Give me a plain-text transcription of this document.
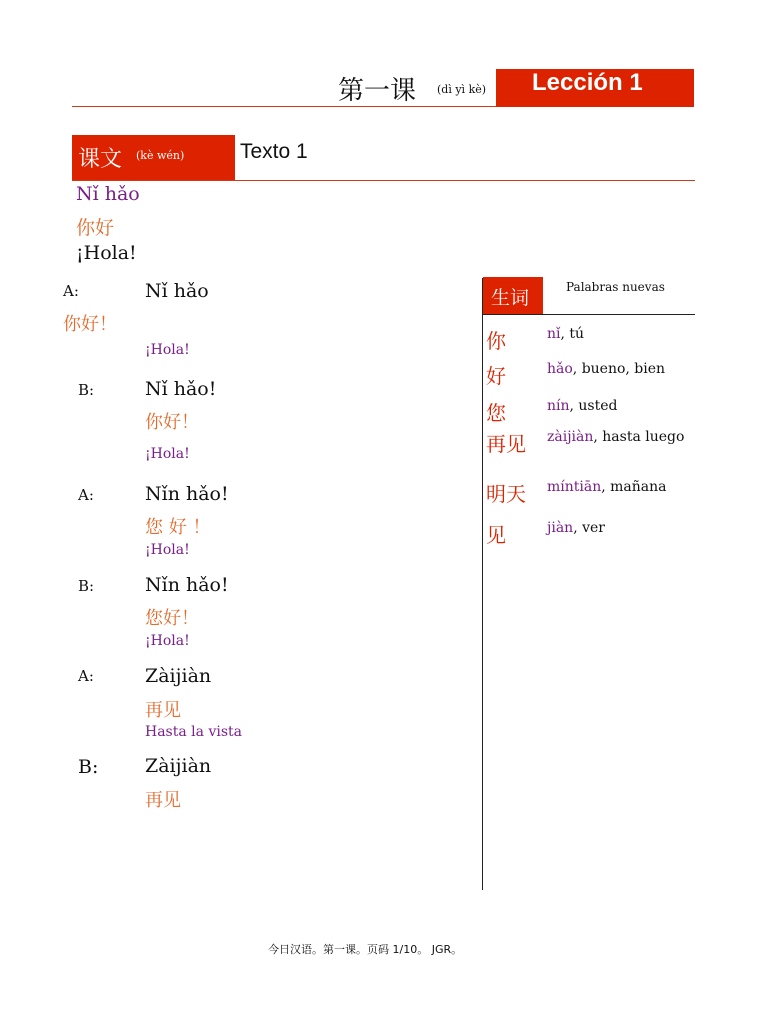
第一课 (dì yì kè) Lección 1
课文 (kè wén)	Texto 1
Nǐ hǎo
你好
¡Hola!
A:	Nǐ hǎo
你好！
¡Hola!
B:	Nǐ hǎo!
你好！
¡Hola!
A:	Nǐn hǎo!
您 好 ！
¡Hola!
B:	Nǐn hǎo!
您好！
¡Hola!
A:	Zàijiàn
再见
Hasta la vista
B: Zàijiàn
再见
生词	Palabras nuevas
你	nǐ, tú
好	hǎo, bueno, bien
您	nín, usted
再见 zàijiàn, hasta luego
明天 míntiān, mañana
见	jiàn, ver
今日汉语。第一课。页码 1/10。 JGR。
